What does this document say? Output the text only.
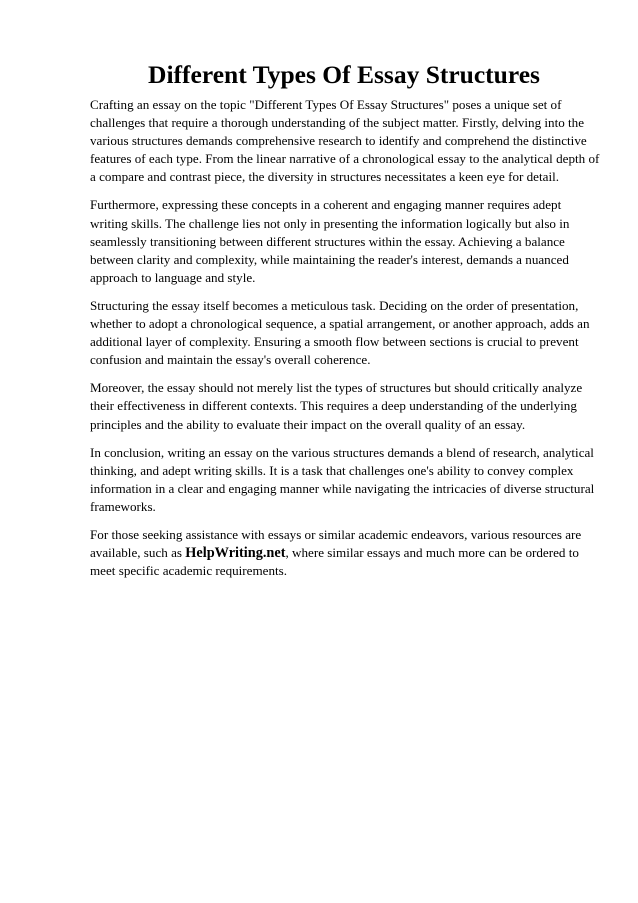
Different Types Of Essay Structures

Crafting an essay on the topic "Different Types Of Essay Structures" poses a unique set of
challenges that require a thorough understanding of the subject matter. Firstly, delving into the
various structures demands comprehensive research to identify and comprehend the distinctive
features of each type. From the linear narrative of a chronological essay to the analytical depth of
a compare and contrast piece, the diversity in structures necessitates a keen eye for detail.

Furthermore, expressing these concepts in a coherent and engaging manner requires adept
writing skills. The challenge lies not only in presenting the information logically but also in
seamlessly transitioning between different structures within the essay. Achieving a balance
between clarity and complexity, while maintaining the reader's interest, demands a nuanced
approach to language and style.

Structuring the essay itself becomes a meticulous task. Deciding on the order of presentation,
whether to adopt a chronological sequence, a spatial arrangement, or another approach, adds an
additional layer of complexity. Ensuring a smooth flow between sections is crucial to prevent
confusion and maintain the essay's overall coherence.

Moreover, the essay should not merely list the types of structures but should critically analyze
their effectiveness in different contexts. This requires a deep understanding of the underlying
principles and the ability to evaluate their impact on the overall quality of an essay.

In conclusion, writing an essay on the various structures demands a blend of research, analytical
thinking, and adept writing skills. It is a task that challenges one's ability to convey complex
information in a clear and engaging manner while navigating the intricacies of diverse structural
frameworks.

For those seeking assistance with essays or similar academic endeavors, various resources are
available, such as HelpWriting.net, where similar essays and much more can be ordered to
meet specific academic requirements.
